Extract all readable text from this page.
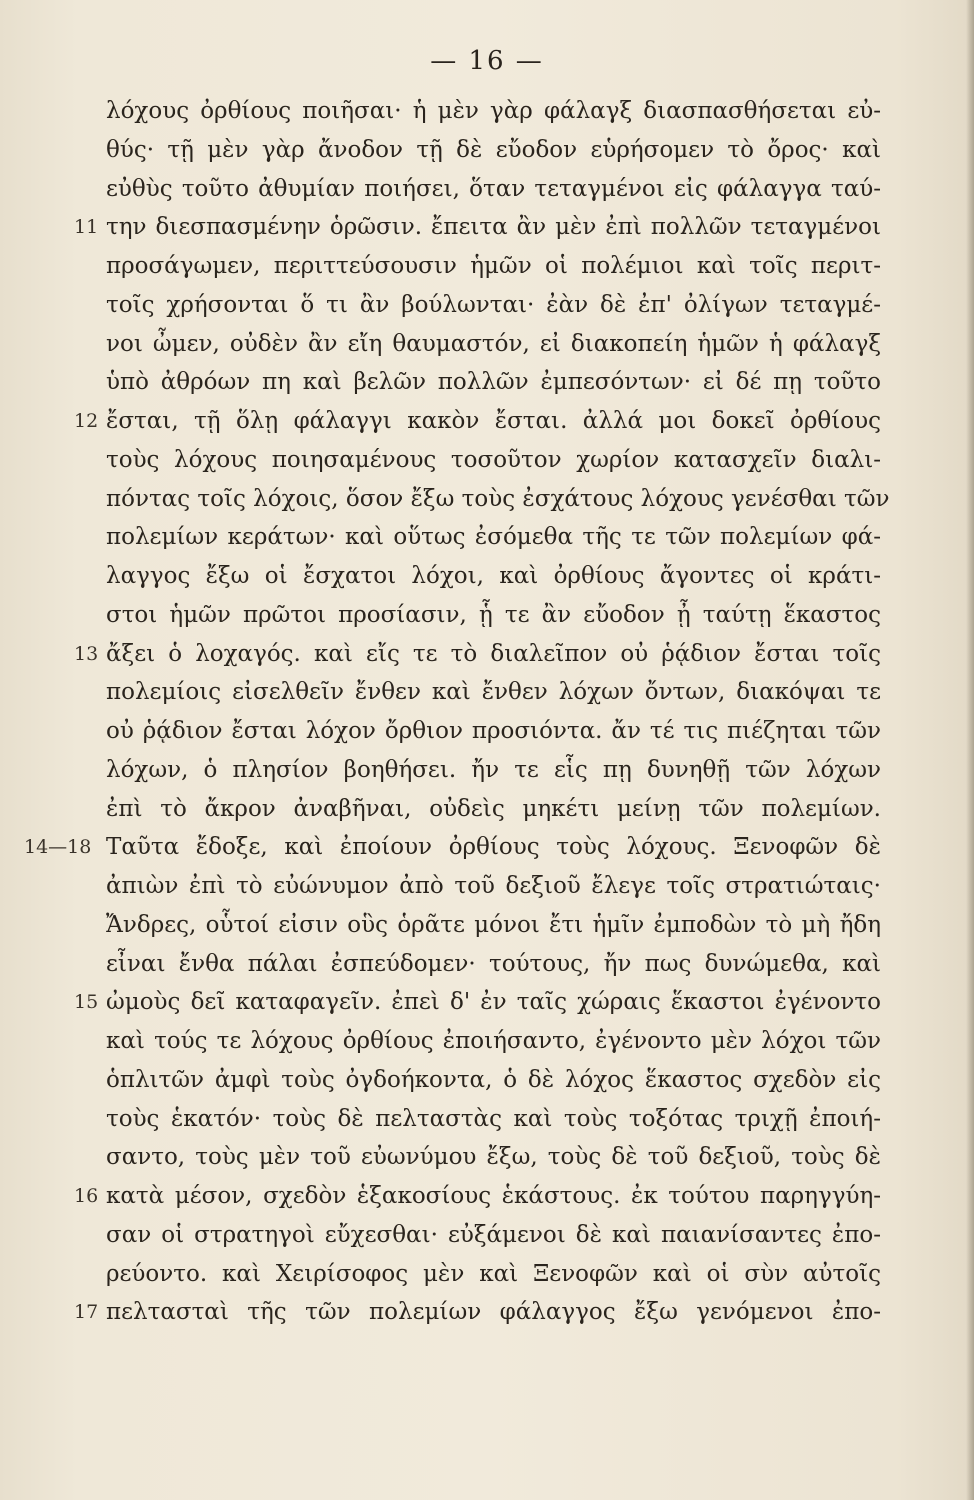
— 16 —
λόχους ὀρθίους ποιῆσαι· ἡ μὲν γὰρ φάλαγξ διασπασθήσεται εὐ-
θύς· τῇ μὲν γὰρ ἄνοδον τῇ δὲ εὔοδον εὑρήσομεν τὸ ὄρος· καὶ
εὐθὺς τοῦτο ἀθυμίαν ποιήσει, ὅταν τεταγμένοι εἰς φάλαγγα ταύ-
11 την διεσπασμένην ὁρῶσιν. ἔπειτα ἂν μὲν ἐπὶ πολλῶν τεταγμένοι
προσάγωμεν, περιττεύσουσιν ἡμῶν οἱ πολέμιοι καὶ τοῖς περιτ-
τοῖς χρήσονται ὅ τι ἂν βούλωνται· ἐὰν δὲ ἐπ' ὀλίγων τεταγμέ-
νοι ὦμεν, οὐδὲν ἂν εἴη θαυμαστόν, εἰ διακοπείη ἡμῶν ἡ φάλαγξ
ὑπὸ ἀθρόων πη καὶ βελῶν πολλῶν ἐμπεσόντων· εἰ δέ πῃ τοῦτο
12 ἔσται, τῇ ὅλῃ φάλαγγι κακὸν ἔσται. ἀλλά μοι δοκεῖ ὀρθίους
τοὺς λόχους ποιησαμένους τοσοῦτον χωρίον κατασχεῖν διαλι-
πόντας τοῖς λόχοις, ὅσον ἔξω τοὺς ἐσχάτους λόχους γενέσθαι τῶν
πολεμίων κεράτων· καὶ οὕτως ἐσόμεθα τῆς τε τῶν πολεμίων φά-
λαγγος ἔξω οἱ ἔσχατοι λόχοι, καὶ ὀρθίους ἄγοντες οἱ κράτι-
στοι ἡμῶν πρῶτοι προσίασιν, ᾗ τε ἂν εὔοδον ᾖ ταύτῃ ἕκαστος
13 ἄξει ὁ λοχαγός. καὶ εἴς τε τὸ διαλεῖπον οὐ ῥᾴδιον ἔσται τοῖς
πολεμίοις εἰσελθεῖν ἔνθεν καὶ ἔνθεν λόχων ὄντων, διακόψαι τε
οὐ ῥᾴδιον ἔσται λόχον ὄρθιον προσιόντα. ἄν τέ τις πιέζηται τῶν
λόχων, ὁ πλησίον βοηθήσει. ἤν τε εἷς πῃ δυνηθῇ τῶν λόχων
ἐπὶ τὸ ἄκρον ἀναβῆναι, οὐδεὶς μηκέτι μείνῃ τῶν πολεμίων.
14—18 Ταῦτα ἔδοξε, καὶ ἐποίουν ὀρθίους τοὺς λόχους. Ξενοφῶν δὲ
ἀπιὼν ἐπὶ τὸ εὐώνυμον ἀπὸ τοῦ δεξιοῦ ἔλεγε τοῖς στρατιώταις·
Ἄνδρες, οὗτοί εἰσιν οὓς ὁρᾶτε μόνοι ἔτι ἡμῖν ἐμποδὼν τὸ μὴ ἤδη
εἶναι ἔνθα πάλαι ἐσπεύδομεν· τούτους, ἤν πως δυνώμεθα, καὶ
15 ὠμοὺς δεῖ καταφαγεῖν. ἐπεὶ δ' ἐν ταῖς χώραις ἕκαστοι ἐγένοντο
καὶ τούς τε λόχους ὀρθίους ἐποιήσαντο, ἐγένοντο μὲν λόχοι τῶν
ὁπλιτῶν ἀμφὶ τοὺς ὀγδοήκοντα, ὁ δὲ λόχος ἕκαστος σχεδὸν εἰς
τοὺς ἑκατόν· τοὺς δὲ πελταστὰς καὶ τοὺς τοξότας τριχῇ ἐποιή-
σαντο, τοὺς μὲν τοῦ εὐωνύμου ἔξω, τοὺς δὲ τοῦ δεξιοῦ, τοὺς δὲ
16 κατὰ μέσον, σχεδὸν ἑξακοσίους ἑκάστους. ἐκ τούτου παρηγγύη-
σαν οἱ στρατηγοὶ εὔχεσθαι· εὐξάμενοι δὲ καὶ παιανίσαντες ἐπο-
ρεύοντο. καὶ Χειρίσοφος μὲν καὶ Ξενοφῶν καὶ οἱ σὺν αὐτοῖς
17 πελτασταὶ τῆς τῶν πολεμίων φάλαγγος ἔξω γενόμενοι ἐπο-
